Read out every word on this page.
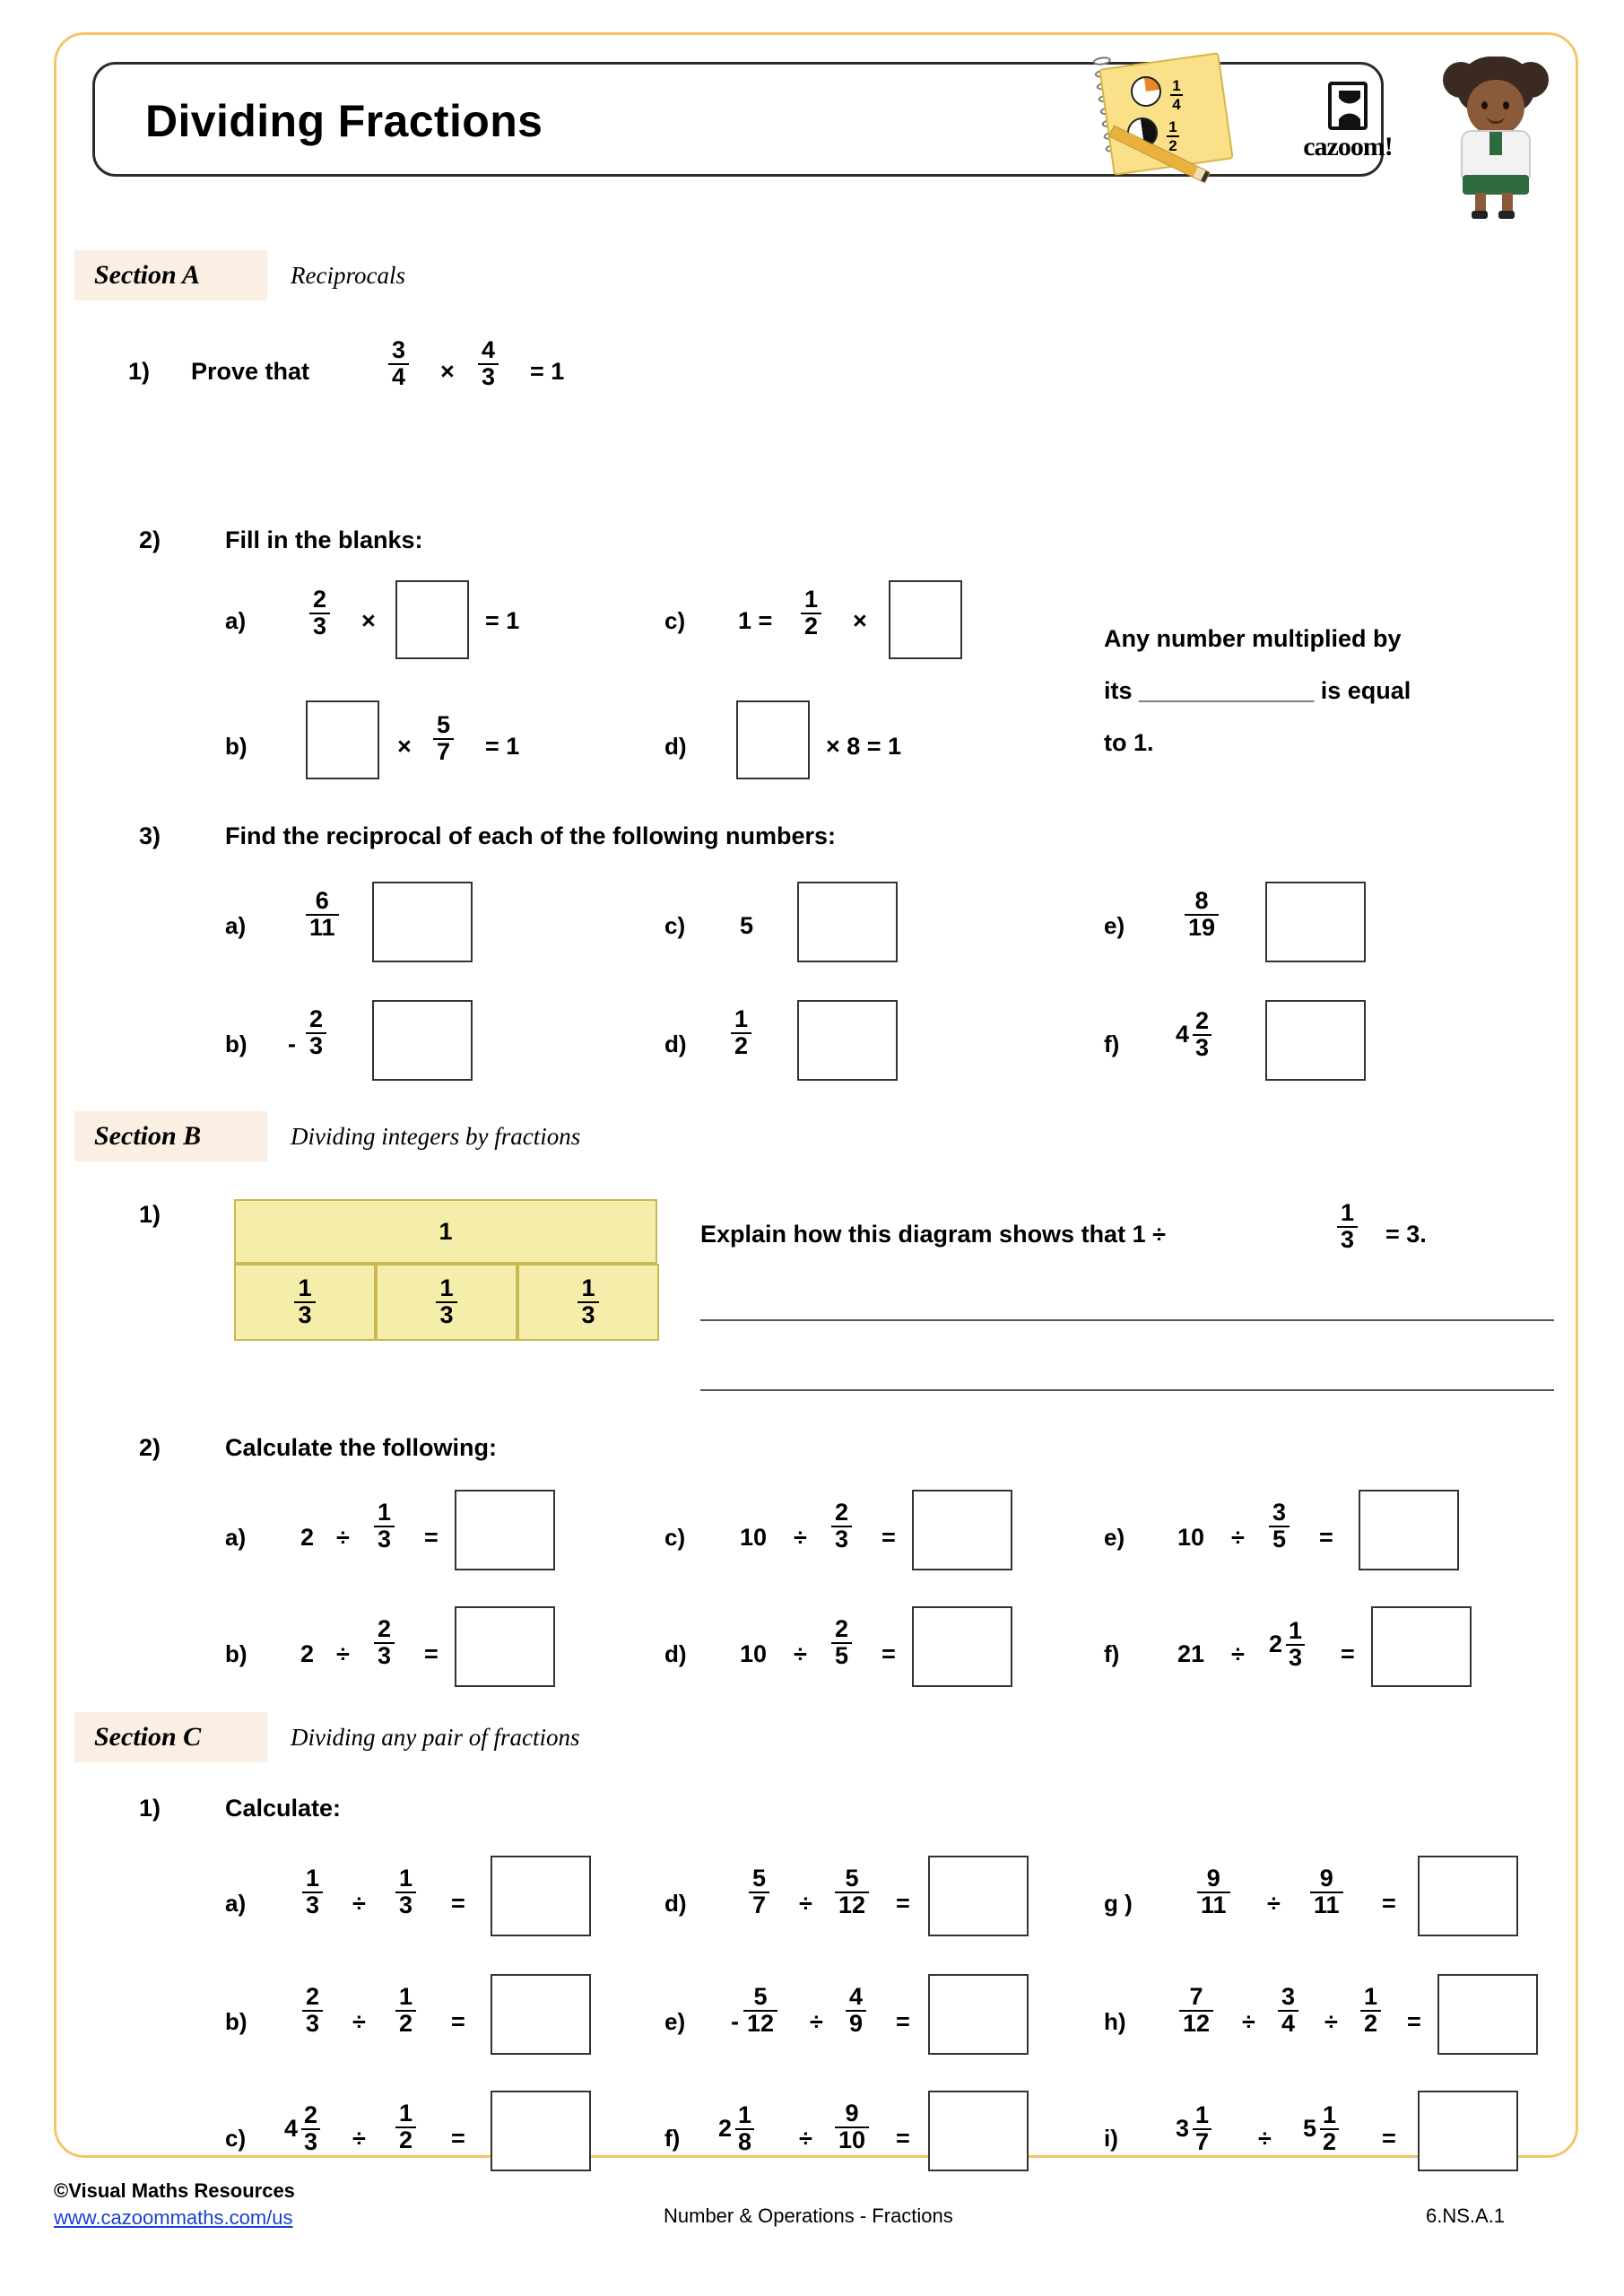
Dividing Fractions
1
4
1
2	cazoom!
Section A	Reciprocals
1) Prove that	$\frac{3}{4} \times \frac{4}{3} = 1$
2)	Fill in the blanks:
a)	$\frac{2}{3}$ ×	= 1
b)	× $\frac{5}{7} = 1$
c) $1 = \frac{1}{2}$ ×
d)	× 8 = 1
Any number multiplied by
its _____________ is equal
to 1.
3)	Find the reciprocal of each of the following numbers:
$a) \frac{6}{11}$
$b) - \frac{2}{3}$
c) 5
$d) \frac{1}{2}$
$e) \frac{8}{19}$
f) $4 \frac{2}{3}$
Section B	Dividing integers by fractions
1)
1
$\frac{1}{3}$	$\frac{1}{3}$	$\frac{1}{3}$
Explain how this diagram shows that 1 ÷	$\frac{1}{3} = 3$.
2)	Calculate the following:
a) $2 \div \frac{1}{3}$ =
b) $2 \div \frac{2}{3}$ =
c) $10 \div \frac{2}{3}$ =
d) $10 \div \frac{2}{5}$ =
e) $10 \div \frac{3}{5}$ =
f) $21 \div 2 \frac{1}{3}$ =
Section C	Dividing any pair of fractions
1)	Calculate:
$a) \frac{1}{3} \div \frac{1}{3}$ =
$b) \frac{2}{3} \div \frac{1}{2}$ =
c) $4 \frac{2}{3} \div \frac{1}{2}$ =
d)	$\frac{5}{7} \div \frac{5}{12}$ =
$e) - \frac{5}{12} \div \frac{4}{9}$ =
f) $2 \frac{1}{8} \div \frac{9}{10}$ =
g )	$\frac{9}{11} \div \frac{9}{11}$ =
$h) \frac{7}{12} \div \frac{3}{4} \div \frac{1}{2}$ =
i) $3 \frac{1}{7} \div 5 \frac{1}{2}$ =
©Visual Maths Resources
www.cazoommaths.com/us	Number & Operations - Fractions	6.NS.A.1
